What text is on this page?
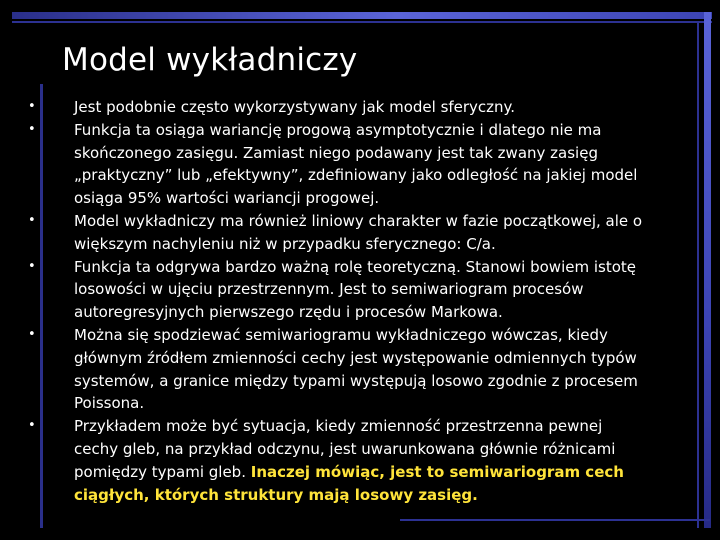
Model wykładniczy
•	Jest podobnie często wykorzystywany jak model sferyczny.
•	Funkcja ta osiąga wariancję progową asymptotycznie i dlatego nie ma
skończonego zasięgu. Zamiast niego podawany jest tak zwany zasięg
„praktyczny” lub „efektywny”, zdefiniowany jako odległość na jakiej model
osiąga 95% wartości wariancji progowej.
•	Model wykładniczy ma również liniowy charakter w fazie początkowej, ale o
większym nachyleniu niż w przypadku sferycznego: C/a.
•	Funkcja ta odgrywa bardzo ważną rolę teoretyczną. Stanowi bowiem istotę
losowości w ujęciu przestrzennym. Jest to semiwariogram procesów
autoregresyjnych pierwszego rzędu i procesów Markowa.
•	Można się spodziewać semiwariogramu wykładniczego wówczas, kiedy
głównym źródłem zmienności cechy jest występowanie odmiennych typów
systemów, a granice między typami występują losowo zgodnie z procesem
Poissona.
•	Przykładem może być sytuacja, kiedy zmienność przestrzenna pewnej
cechy gleb, na przykład odczynu, jest uwarunkowana głównie różnicami
pomiędzy typami gleb. Inaczej mówiąc, jest to semiwariogram cech
ciągłych, których struktury mają losowy zasięg.
